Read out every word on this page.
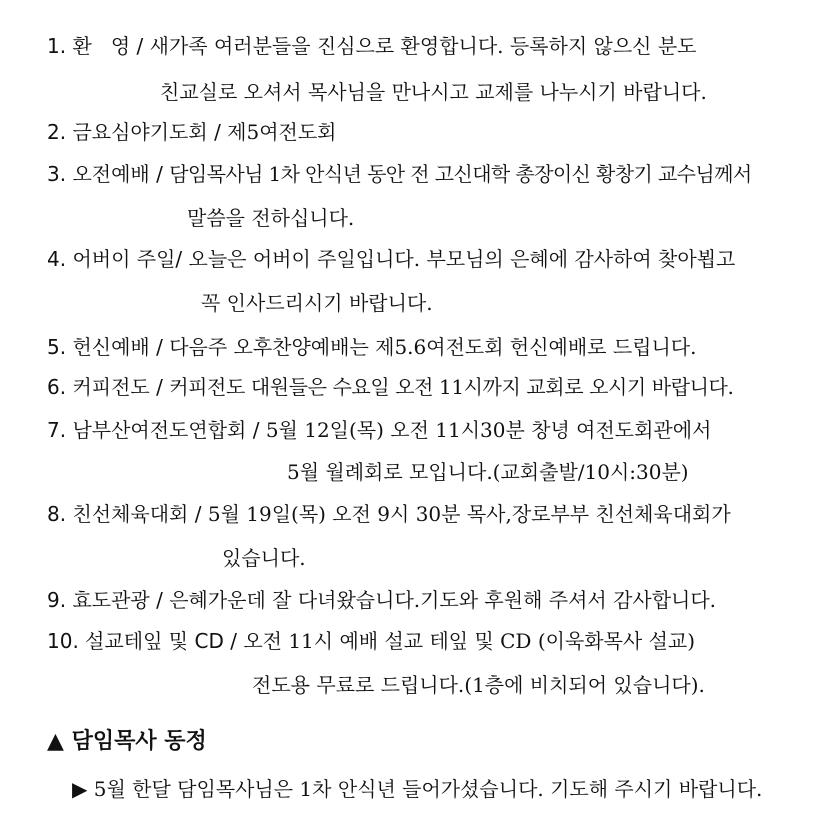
1. 환   영 / 새가족 여러분들을 진심으로 환영합니다. 등록하지 않으신 분도
친교실로 오셔서 목사님을 만나시고 교제를 나누시기 바랍니다.
2. 금요심야기도회 / 제5여전도회
3. 오전예배 / 담임목사님 1차 안식년 동안 전 고신대학 총장이신 황창기 교수님께서
말씀을 전하십니다.
4. 어버이 주일/ 오늘은 어버이 주일입니다. 부모님의 은혜에 감사하여 찾아뵙고
꼭 인사드리시기 바랍니다.
5. 헌신예배 / 다음주 오후찬양예배는 제5.6여전도회 헌신예배로 드립니다.
6. 커피전도 / 커피전도 대원들은 수요일 오전 11시까지 교회로 오시기 바랍니다.
7. 남부산여전도연합회 / 5월 12일(목) 오전 11시30분 창녕 여전도회관에서
5월 월례회로 모입니다.(교회출발/10시:30분)
8. 친선체육대회 / 5월 19일(목) 오전 9시 30분 목사,장로부부 친선체육대회가
있습니다.
9. 효도관광 / 은혜가운데 잘 다녀왔습니다.기도와 후원해 주셔서 감사합니다.
10. 설교테잎 및 CD / 오전 11시 예배 설교 테잎 및 CD (이욱화목사 설교)
전도용 무료로 드립니다.(1층에 비치되어 있습니다).
▲ 담임목사 동정
▶ 5월 한달 담임목사님은 1차 안식년 들어가셨습니다. 기도해 주시기 바랍니다.
